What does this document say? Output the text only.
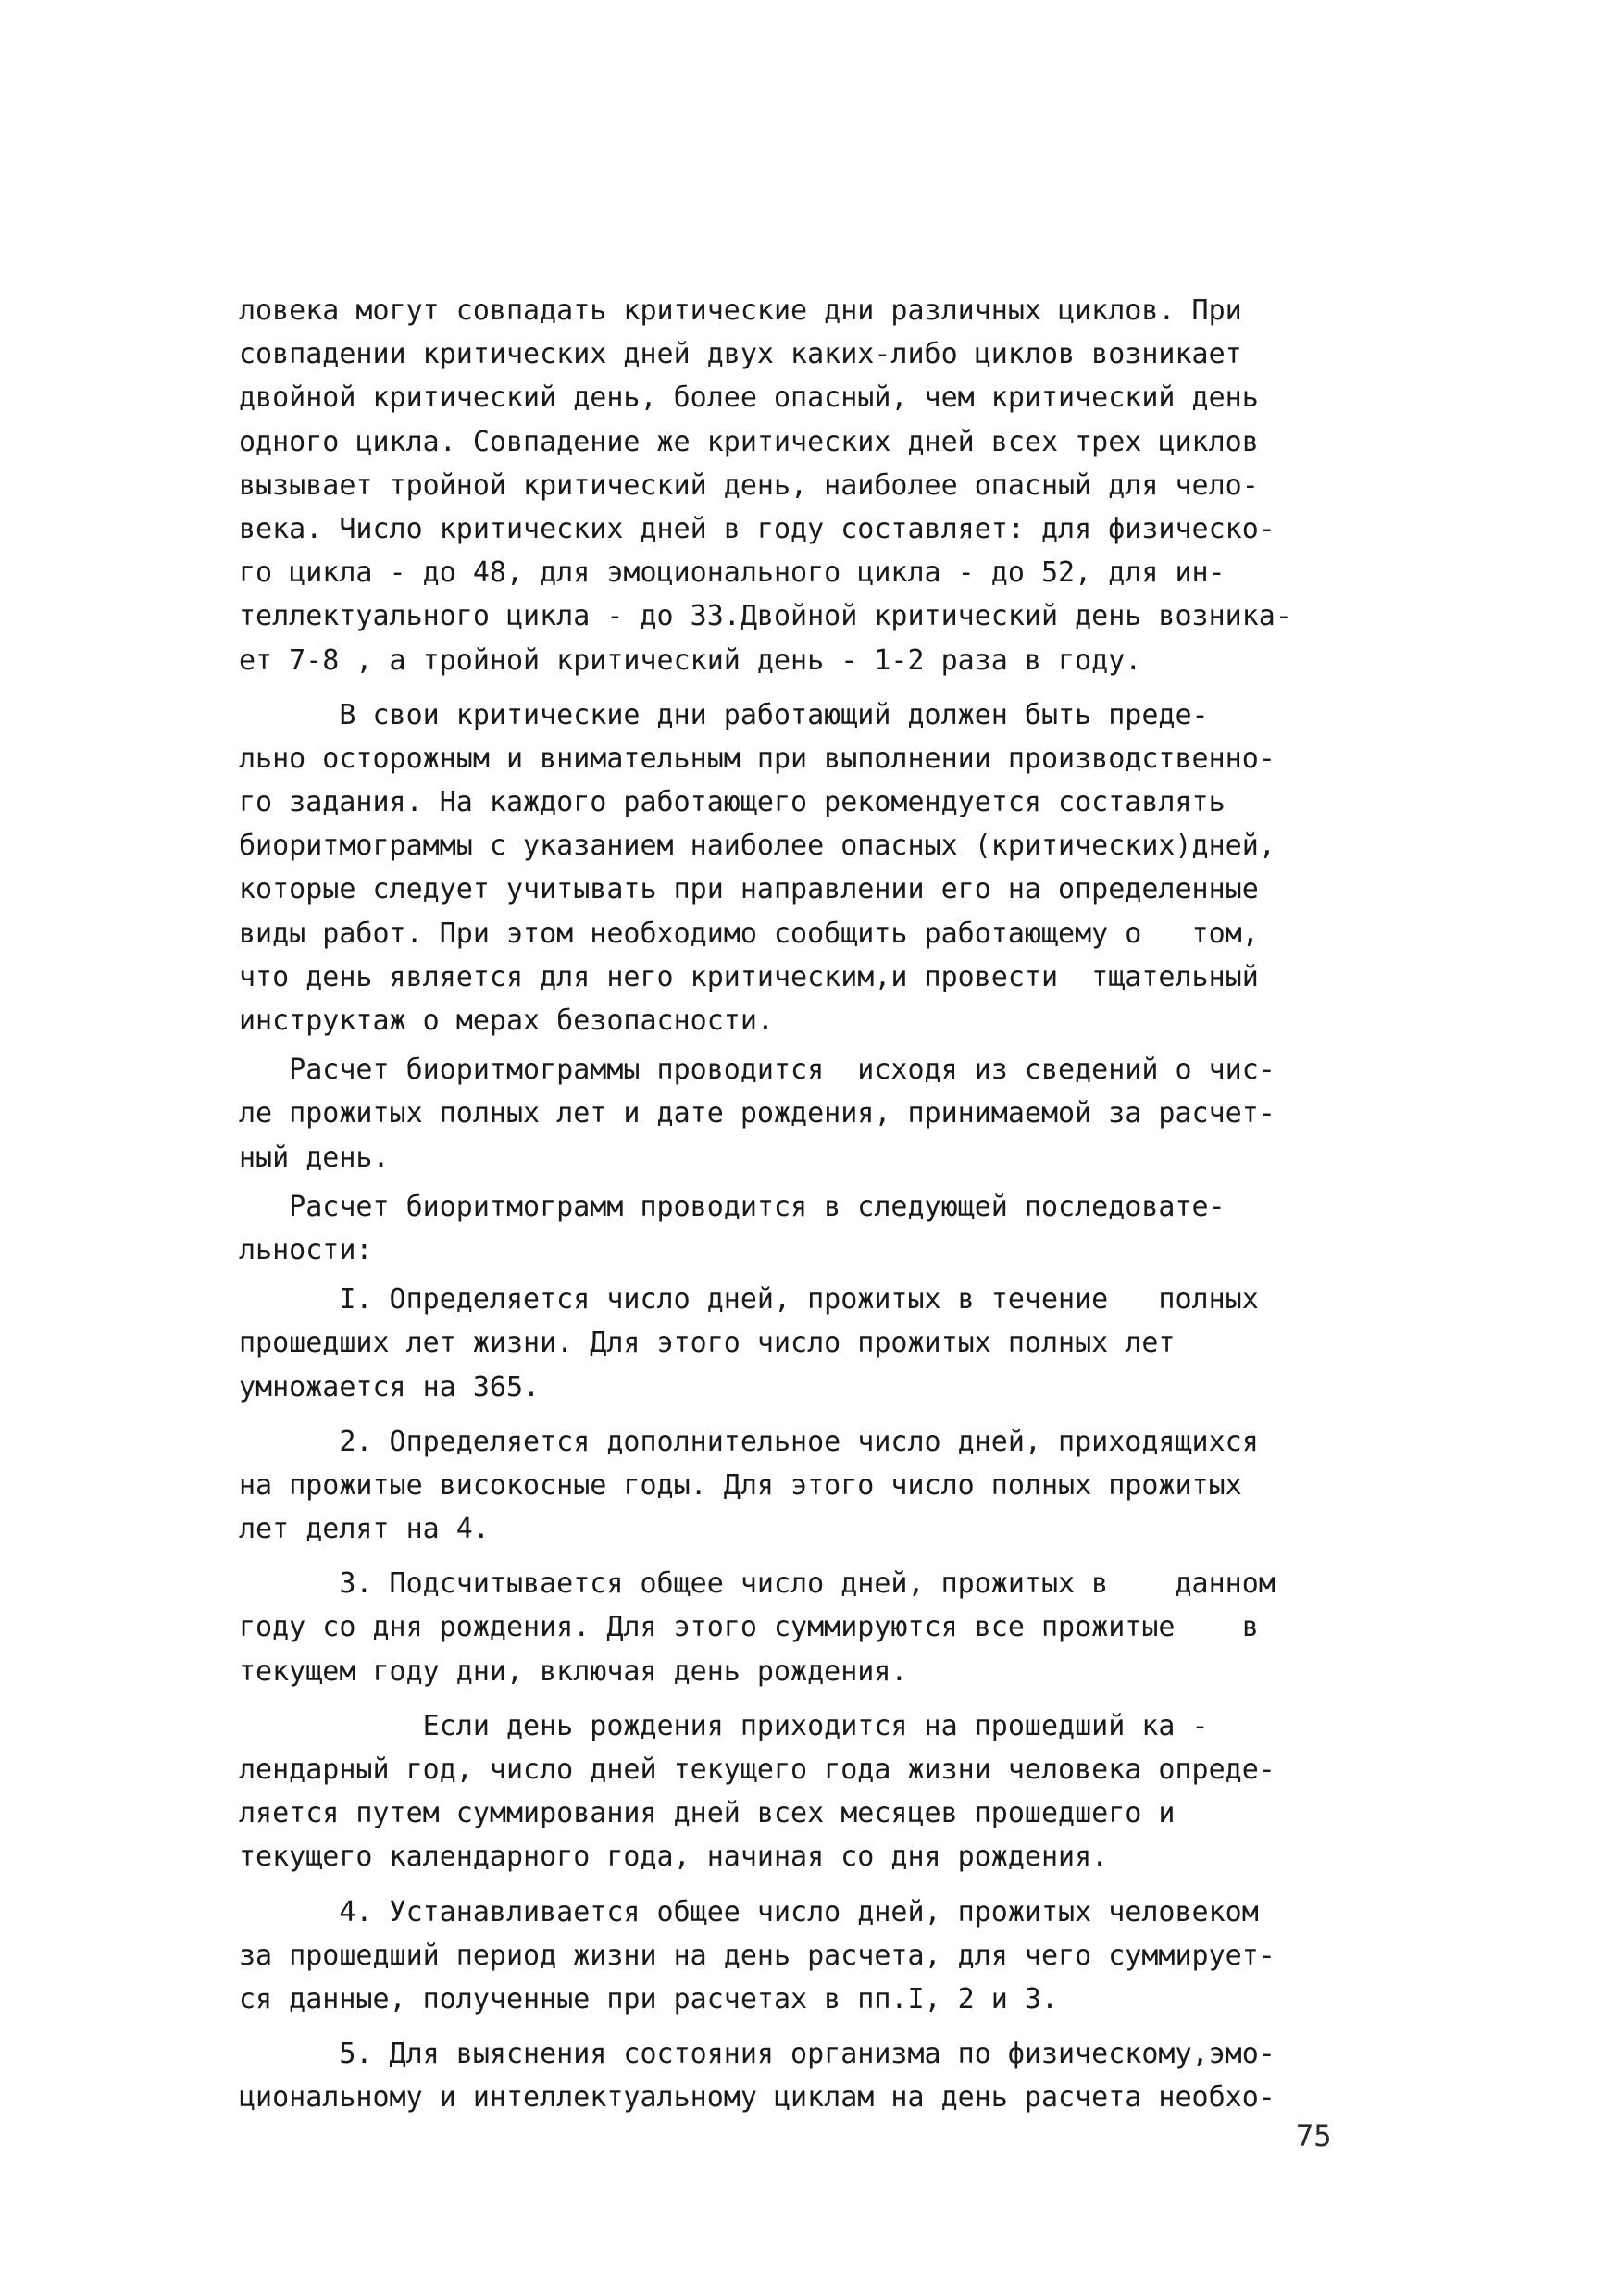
ловека могут совпадать критические дни различных циклов. При
совпадении критических дней двух каких-либо циклов возникает
двойной критический день, более опасный, чем критический день
одного цикла. Совпадение же критических дней всех трех циклов
вызывает тройной критический день, наиболее опасный для чело-
века. Число критических дней в году составляет: для физическо-
го цикла - до 48, для эмоционального цикла - до 52, для ин-
теллектуального цикла - до 33.Двойной критический день возника-
ет 7-8 , а тройной критический день - 1-2 раза в году.
В свои критические дни работающий должен быть преде-
льно осторожным и внимательным при выполнении производственно-
го задания. На каждого работающего рекомендуется составлять
биоритмограммы с указанием наиболее опасных (критических)дней,
которые следует учитывать при направлении его на определенные
виды работ. При этом необходимо сообщить работающему о   том,
что день является для него критическим,и провести  тщательный
инструктаж о мерах безопасности.
Расчет биоритмограммы проводится  исходя из сведений о чис-
ле прожитых полных лет и дате рождения, принимаемой за расчет-
ный день.
Расчет биоритмограмм проводится в следующей последовате-
льности:
I. Определяется число дней, прожитых в течение   полных
прошедших лет жизни. Для этого число прожитых полных лет
умножается на 365.
2. Определяется дополнительное число дней, приходящихся
на прожитые високосные годы. Для этого число полных прожитых
лет делят на 4.
3. Подсчитывается общее число дней, прожитых в    данном
году со дня рождения. Для этого суммируются все прожитые    в
текущем году дни, включая день рождения.
Если день рождения приходится на прошедший ка -
лендарный год, число дней текущего года жизни человека опреде-
ляется путем суммирования дней всех месяцев прошедшего и
текущего календарного года, начиная со дня рождения.
4. Устанавливается общее число дней, прожитых человеком
за прошедший период жизни на день расчета, для чего суммирует-
ся данные, полученные при расчетах в пп.I, 2 и 3.
5. Для выяснения состояния организма по физическому,эмо-
циональному и интеллектуальному циклам на день расчета необхо-
75
